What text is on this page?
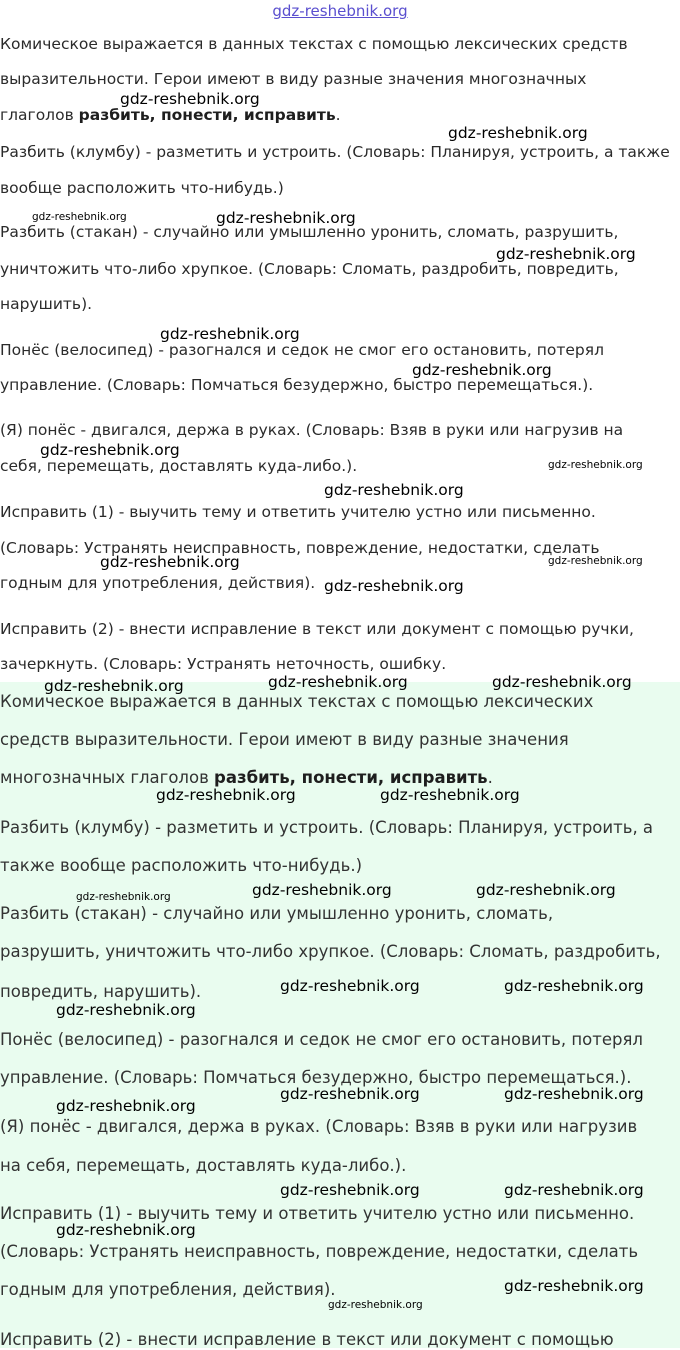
Комическое выражается в данных текстах с помощью лексических средств
выразительности. Герои имеют в виду разные значения многозначных
глаголов разбить, понести, исправить.
Разбить (клумбу) - разметить и устроить. (Словарь: Планируя, устроить, а также
вообще расположить что-нибудь.)
Разбить (стакан) - случайно или умышленно уронить, сломать, разрушить,
уничтожить что-либо хрупкое. (Словарь: Сломать, раздробить, повредить,
нарушить).
Понёс (велосипед) - разогнался и седок не смог его остановить, потерял
управление. (Словарь: Помчаться безудержно, быстро перемещаться.).
(Я) понёс - двигался, держа в руках. (Словарь: Взяв в руки или нагрузив на
себя, перемещать, доставлять куда-либо.).
Исправить (1) - выучить тему и ответить учителю устно или письменно.
(Словарь: Устранять неисправность, повреждение, недостатки, сделать
годным для употребления, действия).
Исправить (2) - внести исправление в текст или документ с помощью ручки,
зачеркнуть. (Словарь: Устранять неточность, ошибку.
Комическое выражается в данных текстах с помощью лексических
средств выразительности. Герои имеют в виду разные значения
многозначных глаголов разбить, понести, исправить.
Разбить (клумбу) - разметить и устроить. (Словарь: Планируя, устроить, а
также вообще расположить что-нибудь.)
Разбить (стакан) - случайно или умышленно уронить, сломать,
разрушить, уничтожить что-либо хрупкое. (Словарь: Сломать, раздробить,
повредить, нарушить).
Понёс (велосипед) - разогнался и седок не смог его остановить, потерял
управление. (Словарь: Помчаться безудержно, быстро перемещаться.).
(Я) понёс - двигался, держа в руках. (Словарь: Взяв в руки или нагрузив
на себя, перемещать, доставлять куда-либо.).
Исправить (1) - выучить тему и ответить учителю устно или письменно.
(Словарь: Устранять неисправность, повреждение, недостатки, сделать
годным для употребления, действия).
Исправить (2) - внести исправление в текст или документ с помощью
gdz-reshebnik.org
gdz-reshebnik.org
gdz-reshebnik.org
gdz-reshebnik.org	gdz-reshebnik.org
gdz-reshebnik.org
gdz-reshebnik.org
gdz-reshebnik.org
gdz-reshebnik.org
gdz-reshebnik.org
gdz-reshebnik.org
gdz-reshebnik.org	gdz-reshebnik.org
gdz-reshebnik.org
gdz-reshebnik.org	gdz-reshebnik.org	gdz-reshebnik.org
gdz-reshebnik.org	gdz-reshebnik.org
gdz-reshebnik.org	gdz-reshebnik.org	gdz-reshebnik.org
gdz-reshebnik.org	gdz-reshebnik.org
gdz-reshebnik.org
gdz-reshebnik.org	gdz-reshebnik.org
gdz-reshebnik.org
gdz-reshebnik.org	gdz-reshebnik.org
gdz-reshebnik.org
gdz-reshebnik.org
gdz-reshebnik.org
